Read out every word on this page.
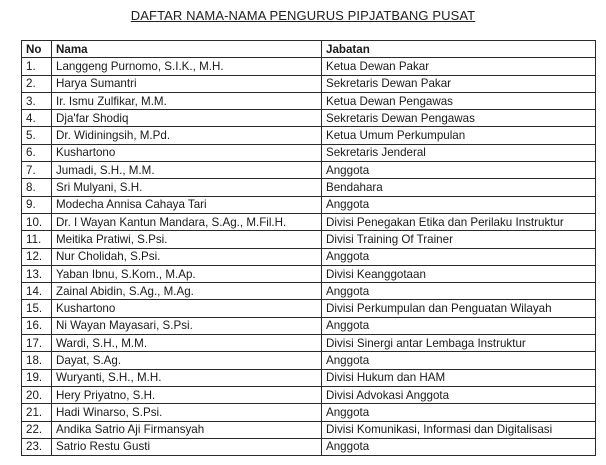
DAFTAR NAMA-NAMA PENGURUS PIPJATBANG PUSAT
No	Nama	Jabatan
1.	Langgeng Purnomo, S.I.K., M.H.	Ketua Dewan Pakar
2.	Harya Sumantri	Sekretaris Dewan Pakar
3.	Ir. Ismu Zulfikar, M.M.	Ketua Dewan Pengawas
4.	Dja'far Shodiq	Sekretaris Dewan Pengawas
5.	Dr. Widiningsih, M.Pd.	Ketua Umum Perkumpulan
6.	Kushartono	Sekretaris Jenderal
7.	Jumadi, S.H., M.M.	Anggota
8.	Sri Mulyani, S.H.	Bendahara
9.	Modecha Annisa Cahaya Tari	Anggota
10.	Dr. I Wayan Kantun Mandara, S.Ag., M.Fil.H.	Divisi Penegakan Etika dan Perilaku Instruktur
11.	Meitika Pratiwi, S.Psi.	Divisi Training Of Trainer
12.	Nur Cholidah, S.Psi.	Anggota
13.	Yaban Ibnu, S.Kom., M.Ap.	Divisi Keanggotaan
14.	Zainal Abidin, S.Ag., M.Ag.	Anggota
15.	Kushartono	Divisi Perkumpulan dan Penguatan Wilayah
16.	Ni Wayan Mayasari, S.Psi.	Anggota
17.	Wardi, S.H., M.M.	Divisi Sinergi antar Lembaga Instruktur
18.	Dayat, S.Ag.	Anggota
19.	Wuryanti, S.H., M.H.	Divisi Hukum dan HAM
20.	Hery Priyatno, S.H.	Divisi Advokasi Anggota
21.	Hadi Winarso, S.Psi.	Anggota
22.	Andika Satrio Aji Firmansyah	Divisi Komunikasi, Informasi dan Digitalisasi
23.	Satrio Restu Gusti	Anggota
